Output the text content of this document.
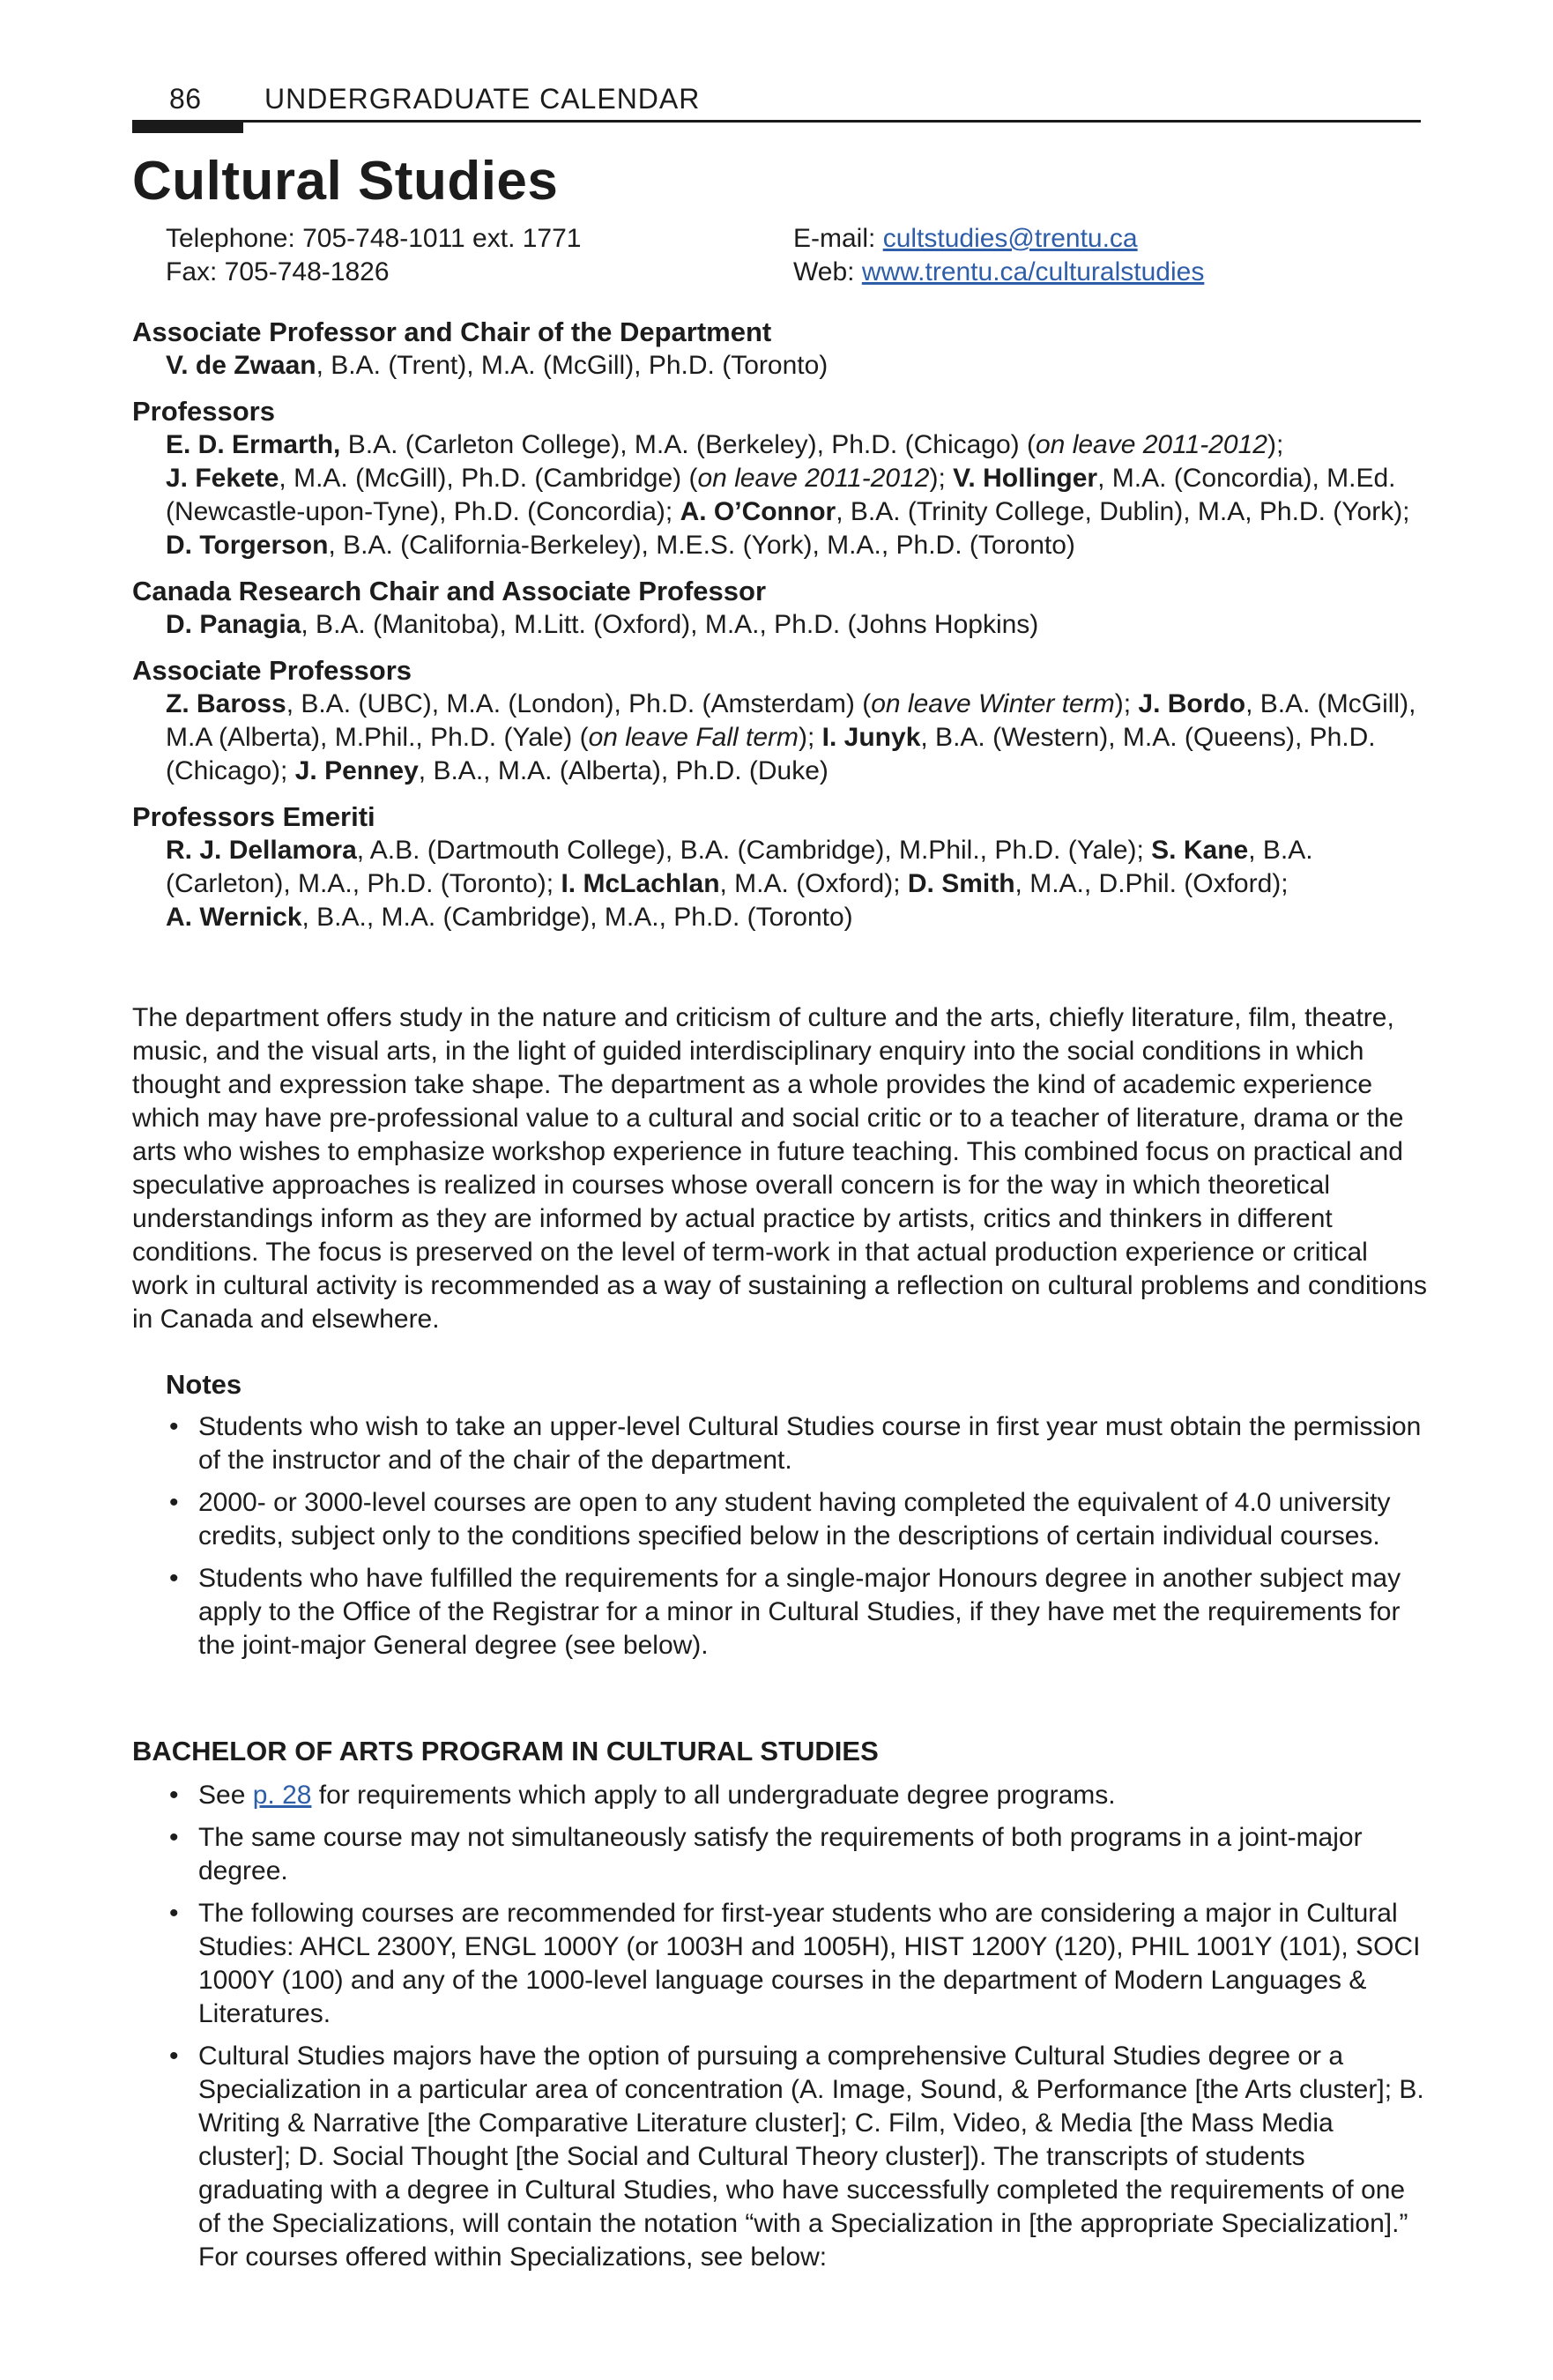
86 UNDERGRADUATE CALENDAR
Cultural Studies
Telephone: 705-748-1011 ext. 1771
Fax: 705-748-1826
E-mail: cultstudies@trentu.ca
Web: www.trentu.ca/culturalstudies
Associate Professor and Chair of the Department
V. de Zwaan, B.A. (Trent), M.A. (McGill), Ph.D. (Toronto)
Professors
E. D. Ermarth, B.A. (Carleton College), M.A. (Berkeley), Ph.D. (Chicago) (on leave 2011-2012);
J. Fekete, M.A. (McGill), Ph.D. (Cambridge) (on leave 2011-2012); V. Hollinger, M.A. (Concordia), M.Ed. (Newcastle-upon-Tyne), Ph.D. (Concordia); A. O’Connor, B.A. (Trinity College, Dublin), M.A, Ph.D. (York); D. Torgerson, B.A. (California-Berkeley), M.E.S. (York), M.A., Ph.D. (Toronto)
Canada Research Chair and Associate Professor
D. Panagia, B.A. (Manitoba), M.Litt. (Oxford), M.A., Ph.D. (Johns Hopkins)
Associate Professors
Z. Baross, B.A. (UBC), M.A. (London), Ph.D. (Amsterdam) (on leave Winter term); J. Bordo, B.A. (McGill), M.A (Alberta), M.Phil., Ph.D. (Yale) (on leave Fall term); I. Junyk, B.A. (Western), M.A. (Queens), Ph.D. (Chicago); J. Penney, B.A., M.A. (Alberta), Ph.D. (Duke)
Professors Emeriti
R. J. Dellamora, A.B. (Dartmouth College), B.A. (Cambridge), M.Phil., Ph.D. (Yale); S. Kane, B.A. (Carleton), M.A., Ph.D. (Toronto); I. McLachlan, M.A. (Oxford); D. Smith, M.A., D.Phil. (Oxford);
A. Wernick, B.A., M.A. (Cambridge), M.A., Ph.D. (Toronto)

The department offers study in the nature and criticism of culture and the arts, chiefly literature, film, theatre, music, and the visual arts, in the light of guided interdisciplinary enquiry into the social conditions in which thought and expression take shape. The department as a whole provides the kind of academic experience which may have pre-professional value to a cultural and social critic or to a teacher of literature, drama or the arts who wishes to emphasize workshop experience in future teaching. This combined focus on practical and speculative approaches is realized in courses whose overall concern is for the way in which theoretical understandings inform as they are informed by actual practice by artists, critics and thinkers in different conditions. The focus is preserved on the level of term-work in that actual production experience or critical work in cultural activity is recommended as a way of sustaining a reflection on cultural problems and conditions in Canada and elsewhere.

Notes
• Students who wish to take an upper-level Cultural Studies course in first year must obtain the permission of the instructor and of the chair of the department.
• 2000- or 3000-level courses are open to any student having completed the equivalent of 4.0 university credits, subject only to the conditions specified below in the descriptions of certain individual courses.
• Students who have fulfilled the requirements for a single-major Honours degree in another subject may apply to the Office of the Registrar for a minor in Cultural Studies, if they have met the requirements for the joint-major General degree (see below).
BACHELOR OF ARTS PROGRAM IN CULTURAL STUDIES
• See p. 28 for requirements which apply to all undergraduate degree programs.
• The same course may not simultaneously satisfy the requirements of both programs in a joint-major degree.
• The following courses are recommended for first-year students who are considering a major in Cultural Studies: AHCL 2300Y, ENGL 1000Y (or 1003H and 1005H), HIST 1200Y (120), PHIL 1001Y (101), SOCI 1000Y (100) and any of the 1000-level language courses in the department of Modern Languages & Literatures.
• Cultural Studies majors have the option of pursuing a comprehensive Cultural Studies degree or a Specialization in a particular area of concentration (A. Image, Sound, & Performance [the Arts cluster]; B. Writing & Narrative [the Comparative Literature cluster]; C. Film, Video, & Media [the Mass Media cluster]; D. Social Thought [the Social and Cultural Theory cluster]). The transcripts of students graduating with a degree in Cultural Studies, who have successfully completed the requirements of one of the Specializations, will contain the notation “with a Specialization in [the appropriate Specialization].” For courses offered within Specializations, see below:
